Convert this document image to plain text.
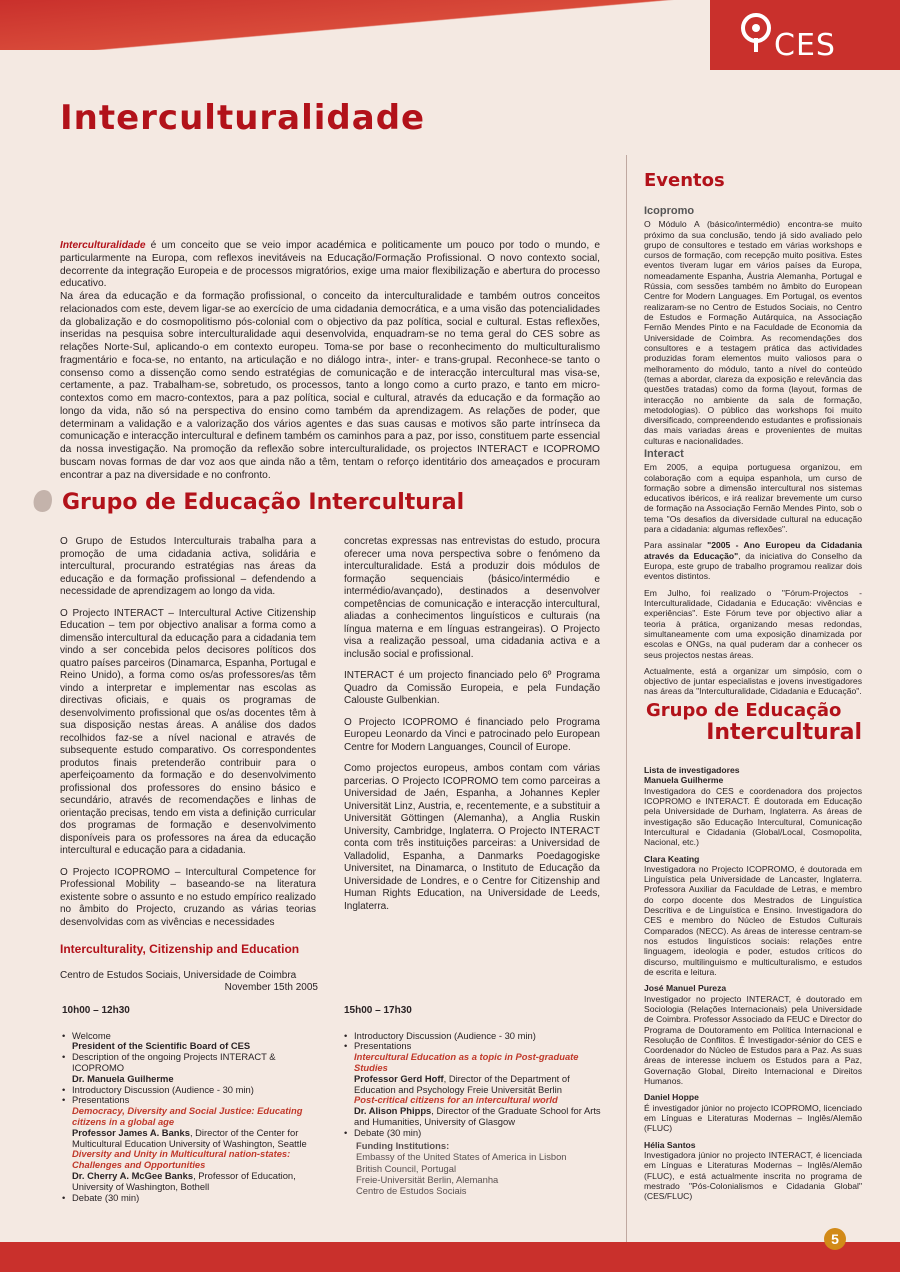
CES
Interculturalidade

Interculturalidade é um conceito que se veio impor académica e politicamente um pouco por todo o mundo, e particularmente na Europa, com reflexos inevitáveis na Educação/Formação Profissional. O novo contexto social, decorrente da integração Europeia e de processos migratórios, exige uma maior flexibilização e abertura do processo educativo.

Na área da educação e da formação profissional, o conceito da interculturalidade e também outros conceitos relacionados com este, devem ligar-se ao exercício de uma cidadania democrática, e a uma visão das potencialidades da globalização e do cosmopolitismo pós-colonial com o objectivo da paz política, social e cultural. Estas reflexões, inseridas na pesquisa sobre interculturalidade aqui desenvolvida, enquadram-se no tema geral do CES sobre as relações Norte-Sul, aplicando-o em contexto europeu. Toma-se por base o reconhecimento do multiculturalismo fragmentário e foca-se, no entanto, na articulação e no diálogo intra-, inter- e trans-grupal. Reconhece-se tanto o consenso como a dissenção como sendo estratégias de comunicação e de interacção intercultural mas visa-se, certamente, a paz. Trabalham-se, sobretudo, os processos, tanto a longo como a curto prazo, e tanto em micro-contextos como em macro-contextos, para a paz política, social e cultural, através da educação e da formação ao longo da vida, não só na perspectiva do ensino como também da aprendizagem. As relações de poder, que determinam a validação e a valorização dos vários agentes e das suas causas e motivos são parte intrínseca da comunicação e interacção intercultural e definem também os caminhos para a paz, por isso, constituem parte essencial da nossa investigação. Na promoção da reflexão sobre interculturalidade, os projectos INTERACT e ICOPROMO buscam novas formas de dar voz aos que ainda não a têm, tentam o reforço identitário dos ameaçados e procuram encontrar a paz na diversidade e no confronto.

Grupo de Educação Intercultural

O Grupo de Estudos Interculturais trabalha para a promoção de uma cidadania activa, solidária e intercultural, procurando estratégias nas áreas da educação e da formação profissional – defendendo a necessidade de aprendizagem ao longo da vida.

O Projecto INTERACT – Intercultural Active Citizenship Education – tem por objectivo analisar a forma como a dimensão intercultural da educação para a cidadania tem vindo a ser concebida pelos decisores políticos dos quatro países parceiros (Dinamarca, Espanha, Portugal e Reino Unido), a forma como os/as professores/as têm vindo a interpretar e implementar nas escolas as directivas oficiais, e quais os programas de desenvolvimento profissional que os/as docentes têm à sua disposição nestas áreas. A análise dos dados recolhidos faz-se a nível nacional e através de subsequente estudo comparativo. Os correspondentes produtos finais pretenderão contribuir para o aperfeiçoamento da formação e do desenvolvimento profissional dos professores do ensino básico e secundário, através de recomendações e linhas de orientação precisas, tendo em vista a definição curricular dos programas de formação e desenvolvimento disponíveis para os professores na área da educação intercultural e educação para a cidadania.

O Projecto ICOPROMO – Intercultural Competence for Professional Mobility – baseando-se na literatura existente sobre o assunto e no estudo empírico realizado no âmbito do Projecto, cruzando as várias teorias desenvolvidas com as vivências e necessidades

concretas expressas nas entrevistas do estudo, procura oferecer uma nova perspectiva sobre o fenómeno da interculturalidade. Está a produzir dois módulos de formação sequenciais (básico/intermédio e intermédio/avançado), destinados a desenvolver competências de comunicação e interacção intercultural, aliadas a conhecimentos linguísticos e culturais (na língua materna e em línguas estrangeiras). O Projecto visa a realização pessoal, uma cidadania activa e a inclusão social e profissional.

INTERACT é um projecto financiado pelo 6º Programa Quadro da Comissão Europeia, e pela Fundação Calouste Gulbenkian.

O Projecto ICOPROMO é financiado pelo Programa Europeu Leonardo da Vinci e patrocinado pelo European Centre for Modern Languanges, Council of Europe.

Como projectos europeus, ambos contam com várias parcerias. O Projecto ICOPROMO tem como parceiras a Universidad de Jaén, Espanha, a Johannes Kepler Universität Linz, Austria, e, recentemente, e a substituir a Universität Göttingen (Alemanha), a Anglia Ruskin University, Cambridge, Inglaterra. O Projecto INTERACT conta com três instituições parceiras: a Universidad de Valladolid, Espanha, a Danmarks Poedagogiske Universitet, na Dinamarca, o Instituto de Educação da Universidade de Londres, e o Centre for Citizenship and Human Rights Education, na Universidade de Leeds, Inglaterra.

Interculturality, Citizenship and Education
Centro de Estudos Sociais, Universidade de Coimbra
November 15th 2005
10h00 – 12h30
• Welcome
President of the Scientific Board of CES
• Description of the ongoing Projects INTERACT & ICOPROMO
Dr. Manuela Guilherme
• Introductory Discussion (Audience - 30 min)
• Presentations
Democracy, Diversity and Social Justice: Educating citizens in a global age
Professor James A. Banks, Director of the Center for Multicultural Education University of Washington, Seattle
Diversity and Unity in Multicultural nation-states: Challenges and Opportunities
Dr. Cherry A. McGee Banks, Professor of Education, University of Washington, Bothell
• Debate (30 min)
15h00 – 17h30
• Introductory Discussion (Audience - 30 min)
• Presentations
Intercultural Education as a topic in Post-graduate Studies
Professor Gerd Hoff, Director of the Department of Education and Psychology Freie Universität Berlin
Post-critical citizens for an intercultural world
Dr. Alison Phipps, Director of the Graduate School for Arts and Humanities, University of Glasgow
• Debate (30 min)
Funding Institutions:
Embassy of the United States of America in Lisbon
British Council, Portugal
Freie-Universität Berlin, Alemanha
Centro de Estudos Sociais
Eventos
Icopromo

O Módulo A (básico/intermédio) encontra-se muito próximo da sua conclusão, tendo já sido avaliado pelo grupo de consultores e testado em várias workshops e cursos de formação, com recepção muito positiva. Estes eventos tiveram lugar em vários países da Europa, nomeadamente Espanha, Áustria Alemanha, Portugal e Rússia, com sessões também no âmbito do European Centre for Modern Languages. Em Portugal, os eventos realizaram-se no Centro de Estudos Sociais, no Centro de Estudos e Formação Autárquica, na Associação Fernão Mendes Pinto e na Faculdade de Economia da Universidade de Coimbra. As recomendações dos consultores e a testagem prática das actividades produzidas foram elementos muito valiosos para o melhoramento do módulo, tanto a nível do conteúdo (temas a abordar, clareza da exposição e relevância das questões tratadas) como da forma (layout, formas de interacção no ambiente da sala de formação, metodologias). O público das workshops foi muito diversificado, compreendendo estudantes e profissionais das mais variadas áreas e provenientes de muitas culturas e nacionalidades.

Interact

Em 2005, a equipa portuguesa organizou, em colaboração com a equipa espanhola, um curso de formação sobre a dimensão intercultural nos sistemas educativos ibéricos, e irá realizar brevemente um curso de formação na Associação Fernão Mendes Pinto, sob o tema "Os desafios da diversidade cultural na educação para a cidadania: algumas reflexões".

Para assinalar "2005 - Ano Europeu da Cidadania através da Educação", da iniciativa do Conselho da Europa, este grupo de trabalho programou realizar dois eventos distintos.

Em Julho, foi realizado o "Fórum-Projectos - Interculturalidade, Cidadania e Educação: vivências e experiências". Este Fórum teve por objectivo aliar a teoria à prática, organizando mesas redondas, simultaneamente com uma exposição dinamizada por escolas e ONGs, na qual puderam dar a conhecer os seus projectos nestas áreas.

Actualmente, está a organizar um simpósio, com o objectivo de juntar especialistas e jovens investigadores nas áreas da "Interculturalidade, Cidadania e Educação".

Grupo de Educação
Intercultural
Lista de investigadores

Manuela Guilherme
Investigadora do CES e coordenadora dos projectos ICOPROMO e INTERACT. É doutorada em Educação pela Universidade de Durham, Inglaterra. As áreas de investigação são Educação Intercultural, Comunicação Intercultural e Cidadania (Global/Local, Cosmopolita, Nacional, etc.)

Clara Keating
Investigadora no Projecto ICOPROMO, é doutorada em Linguística pela Universidade de Lancaster, Inglaterra. Professora Auxiliar da Faculdade de Letras, e membro do corpo docente dos Mestrados de Linguística Descritiva e de Linguística e Ensino. Investigadora do CES e membro do Núcleo de Estudos Culturais Comparados (NECC). As áreas de interesse centram-se nos estudos linguísticos sociais: relações entre linguagem, ideologia e poder, estudos críticos do discurso, multilinguismo e multiculturalismo, e estudos de escrita e leitura.

José Manuel Pureza
Investigador no projecto INTERACT, é doutorado em Sociologia (Relações Internacionais) pela Universidade de Coimbra. Professor Associado da FEUC e Director do Programa de Doutoramento em Política Internacional e Resolução de Conflitos. É Investigador-sénior do CES e Coordenador do Núcleo de Estudos para a Paz. As suas áreas de interesse incluem os Estudos para a Paz, Governação Global, Direito Internacional e Direitos Humanos.

Daniel Hoppe
É investigador júnior no projecto ICOPROMO, licenciado em Línguas e Literaturas Modernas – Inglês/Alemão (FLUC)

Hélia Santos
Investigadora júnior no projecto INTERACT, é licenciada em Línguas e Literaturas Modernas – Inglês/Alemão (FLUC), e está actualmente inscrita no programa de mestrado "Pós-Colonialismos e Cidadania Global" (CES/FLUC)

5
